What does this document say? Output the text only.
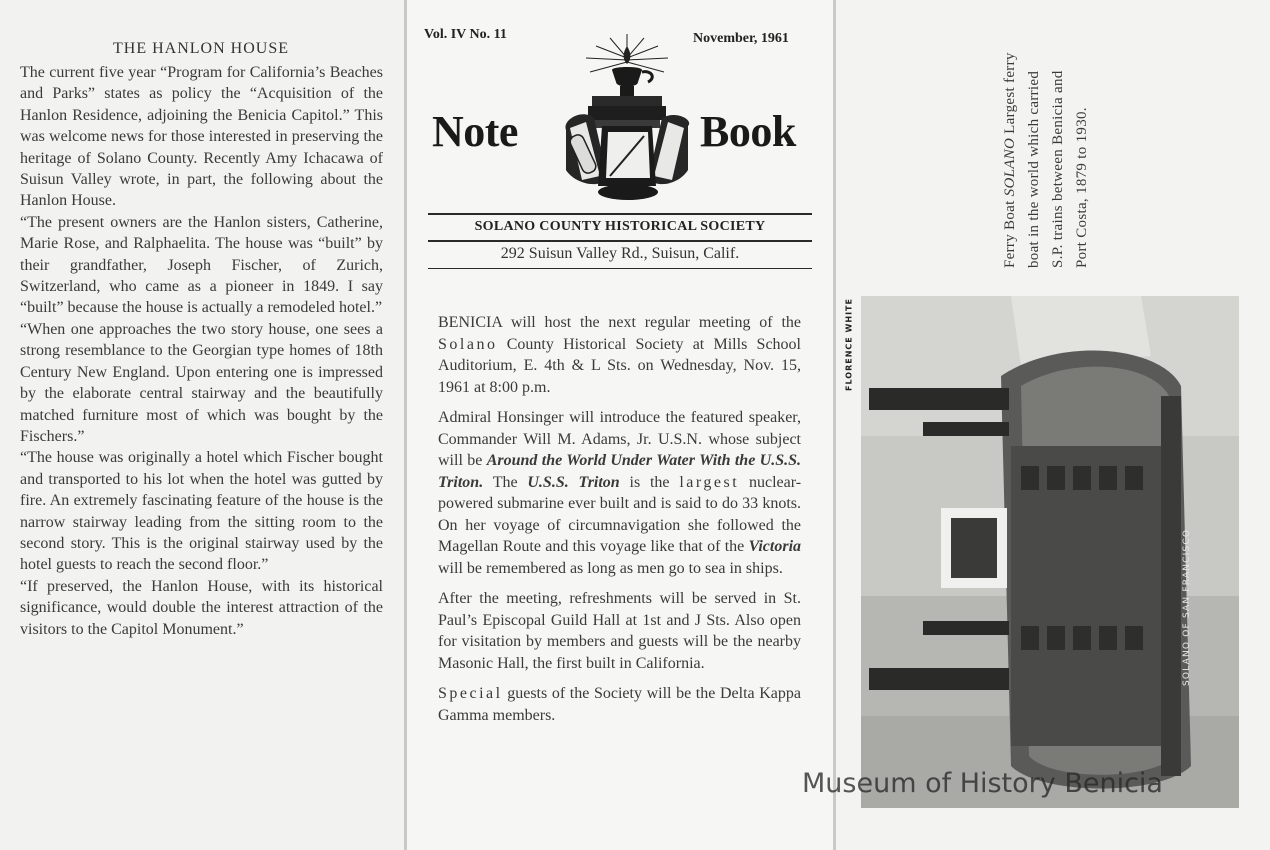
THE HANLON HOUSE

The current five year “Program for California’s Beaches and Parks” states as policy the “Acquisition of the Hanlon Residence, adjoining the Benicia Capitol.” This was welcome news for those interested in preserving the heritage of Solano County. Recently Amy Ichacawa of Suisun Valley wrote, in part, the following about the Hanlon House.

“The present owners are the Hanlon sisters, Catherine, Marie Rose, and Ralphaelita. The house was “built” by their grandfather, Joseph Fischer, of Zurich, Switzerland, who came as a pioneer in 1849. I say “built” because the house is actually a remodeled hotel.”

“When one approaches the two story house, one sees a strong resemblance to the Georgian type homes of 18th Century New England. Upon entering one is impressed by the elaborate central stairway and the beautifully matched furniture most of which was bought by the Fischers.”

“The house was originally a hotel which Fischer bought and transported to his lot when the hotel was gutted by fire. An extremely fascinating feature of the house is the narrow stairway leading from the sitting room to the second story. This is the original stairway used by the hotel guests to reach the second floor.”

“If preserved, the Hanlon House, with its historical significance, would double the interest attraction of the visitors to the Capitol Monument.”

Vol. IV No. 11	November, 1961
Note	Book
SOLANO COUNTY HISTORICAL SOCIETY
292 Suisun Valley Rd., Suisun, Calif.

BENICIA will host the next regular meeting of the Solano County Historical Society at Mills School Auditorium, E. 4th & L Sts. on Wednesday, Nov. 15, 1961 at 8:00 p.m.

Admiral Honsinger will introduce the featured speaker, Commander Will M. Adams, Jr. U.S.N. whose subject will be Around the World Under Water With the U.S.S. Triton. The U.S.S. Triton is the largest nuclear-powered submarine ever built and is said to do 33 knots. On her voyage of circumnavigation she followed the Magellan Route and this voyage like that of the Victoria will be remembered as long as men go to sea in ships.

After the meeting, refreshments will be served in St. Paul’s Episcopal Guild Hall at 1st and J Sts. Also open for visitation by members and guests will be the nearby Masonic Hall, the first built in California.

Special guests of the Society will be the Delta Kappa Gamma members.

Ferry Boat SOLANO Largest ferry boat in the world which carried S.P. trains between Benicia and Port Costa, 1879 to 1930.
FLORENCE WHITE
SOLANO OF SAN FRANCISCO
Museum of History Benicia
